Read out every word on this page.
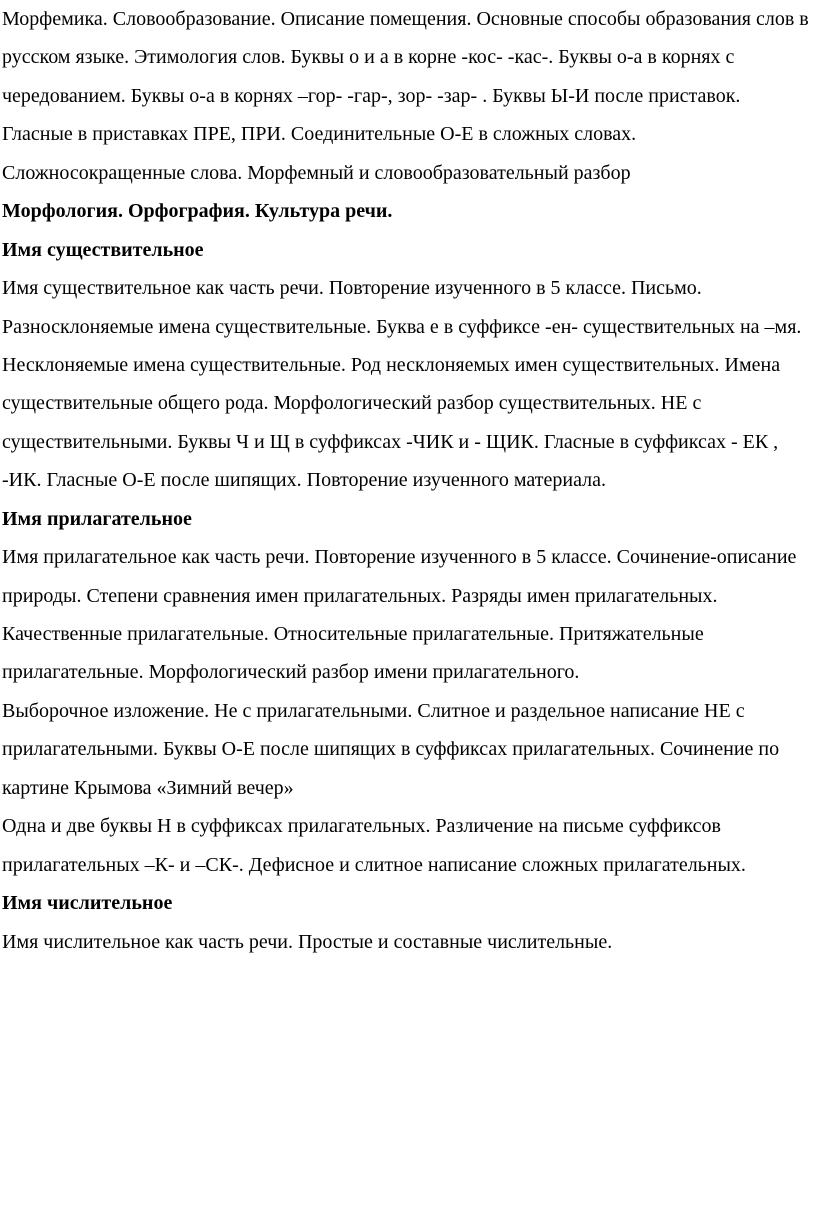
Морфемика. Словообразование. Описание помещения. Основные способы образования слов в русском языке. Этимология слов. Буквы о и а в корне -кос- -кас-. Буквы о-а в корнях с чередованием. Буквы о-а в корнях –гор- -гар-, зор- -зар- . Буквы Ы-И после приставок. Гласные в приставках ПРЕ, ПРИ. Соединительные О-Е в сложных словах. Сложносокращенные слова. Морфемный и словообразовательный разбор

Морфология. Орфография. Культура речи.

Имя существительное

Имя существительное как часть речи. Повторение изученного в 5 классе. Письмо. Разносклоняемые имена существительные. Буква е в суффиксе -ен- существительных на –мя. Несклоняемые имена существительные. Род несклоняемых имен существительных. Имена существительные общего рода. Морфологический разбор существительных. НЕ с существительными. Буквы Ч и Щ в суффиксах -ЧИК и - ЩИК. Гласные в суффиксах - ЕК , -ИК. Гласные О-Е после шипящих. Повторение изученного материала.

Имя прилагательное

Имя прилагательное как часть речи. Повторение изученного в 5 классе. Сочинение-описание природы. Степени сравнения имен прилагательных. Разряды имен прилагательных. Качественные прилагательные. Относительные прилагательные. Притяжательные прилагательные. Морфологический разбор имени прилагательного.

Выборочное изложение. Не с прилагательными. Слитное и раздельное написание НЕ с прилагательными. Буквы О-Е после шипящих в суффиксах прилагательных. Сочинение по картине Крымова «Зимний вечер»

Одна и две буквы Н в суффиксах прилагательных. Различение на письме суффиксов прилагательных –К- и –СК-. Дефисное и слитное написание сложных прилагательных.

Имя числительное

Имя числительное как часть речи. Простые и составные числительные.
